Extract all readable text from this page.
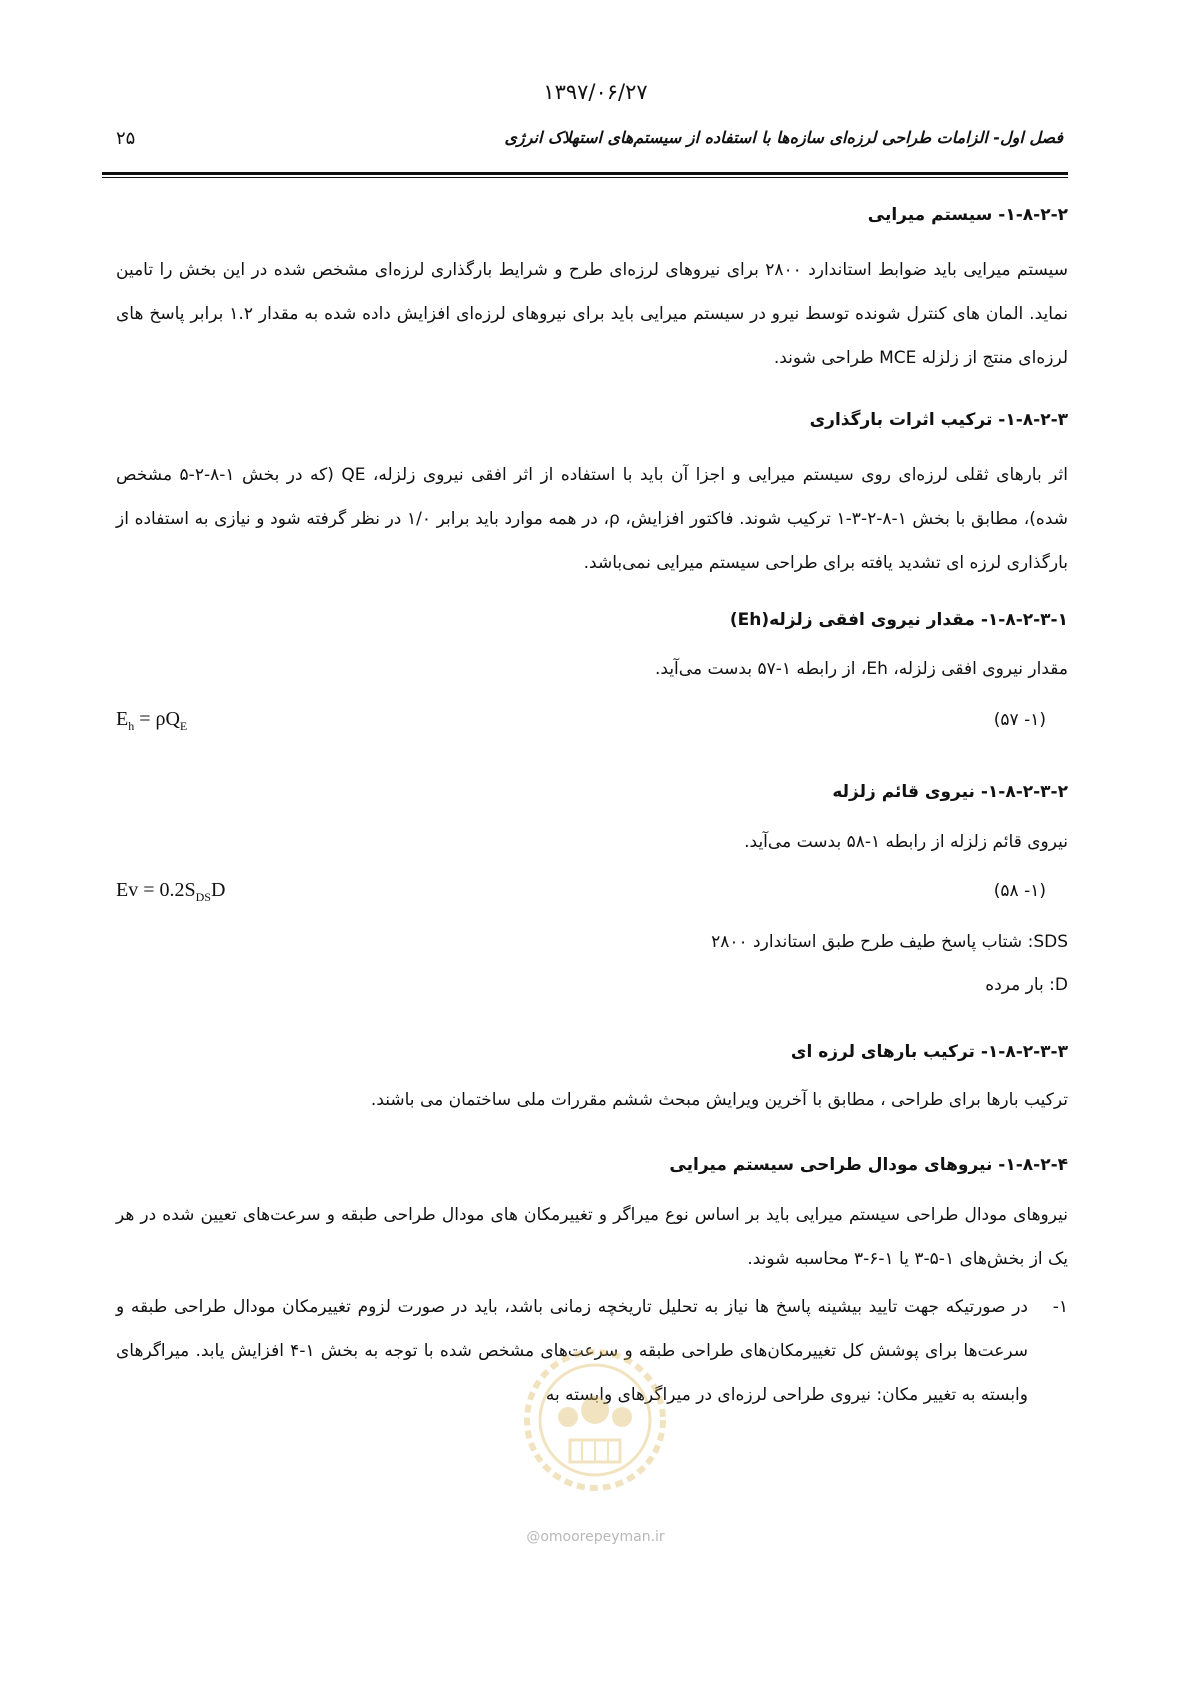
۱۳۹۷/۰۶/۲۷
۲۵	فصل اول- الزامات طراحی لرزه‌ای سازه‌ها با استفاده از سیستم‌های استهلاک انرژی
۱-۸-۲-۲- سیستم میرایی
سیستم میرایی باید ضوابط استاندارد ۲۸۰۰ برای نیروهای لرزه‌ای طرح و شرایط بارگذاری لرزه‌ای مشخص شده در این بخش را تامین نماید. المان های کنترل شونده توسط نیرو در سیستم میرایی باید برای نیروهای لرزه‌ای افزایش داده شده به مقدار ۱.۲ برابر پاسخ های لرزه‌ای منتج از زلزله MCE طراحی شوند.
۱-۸-۲-۳- ترکیب اثرات بارگذاری
اثر بارهای ثقلی لرزه‌ای روی سیستم میرایی و اجزا آن باید با استفاده از اثر افقی نیروی زلزله، QE (که در بخش ۱-۸-۲-۵ مشخص شده)، مطابق با بخش ۱-۸-۲-۳-۱ ترکیب شوند. فاکتور افزایش، ρ، در همه موارد باید برابر ۱/۰ در نظر گرفته شود و نیازی به استفاده از بارگذاری لرزه ای تشدید یافته برای طراحی سیستم میرایی نمی‌باشد.
۱-۸-۲-۳-۱- مقدار نیروی افقی زلزله(Eh)
مقدار نیروی افقی زلزله، Eh، از رابطه ۱-۵۷ بدست می‌آید.
(۱- ۵۷)
$E_h = \rho Q_E$
۱-۸-۲-۳-۲- نیروی قائم زلزله
نیروی قائم زلزله از رابطه ۱-۵۸ بدست می‌آید.
(۱- ۵۸)
$Ev = 0.2S_{DS}D$
SDS: شتاب پاسخ طیف طرح طبق استاندارد ۲۸۰۰
D: بار مرده
۱-۸-۲-۳-۳- ترکیب بارهای لرزه ای
ترکیب بارها برای طراحی ، مطابق با آخرین ویرایش مبحث ششم مقررات ملی ساختمان می باشند.
۱-۸-۲-۴- نیروهای مودال طراحی سیستم میرایی
نیروهای مودال طراحی سیستم میرایی باید بر اساس نوع میراگر و تغییرمکان های مودال طراحی طبقه و سرعت‌های تعیین شده در هر یک از بخش‌های ۱-۵-۳ یا ۱-۶-۳ محاسبه شوند.
۱-
در صورتیکه جهت تایید بیشینه پاسخ ها نیاز به تحلیل تاریخچه زمانی باشد، باید در صورت لزوم تغییرمکان مودال طراحی طبقه و سرعت‌ها برای پوشش کل تغییرمکان‌های طراحی طبقه و سرعت‌های مشخص شده با توجه به بخش ۱-۴ افزایش یابد. میراگرهای وابسته به تغییر مکان: نیروی طراحی لرزه‌ای در میراگرهای وابسته به
@omoorepeyman.ir
